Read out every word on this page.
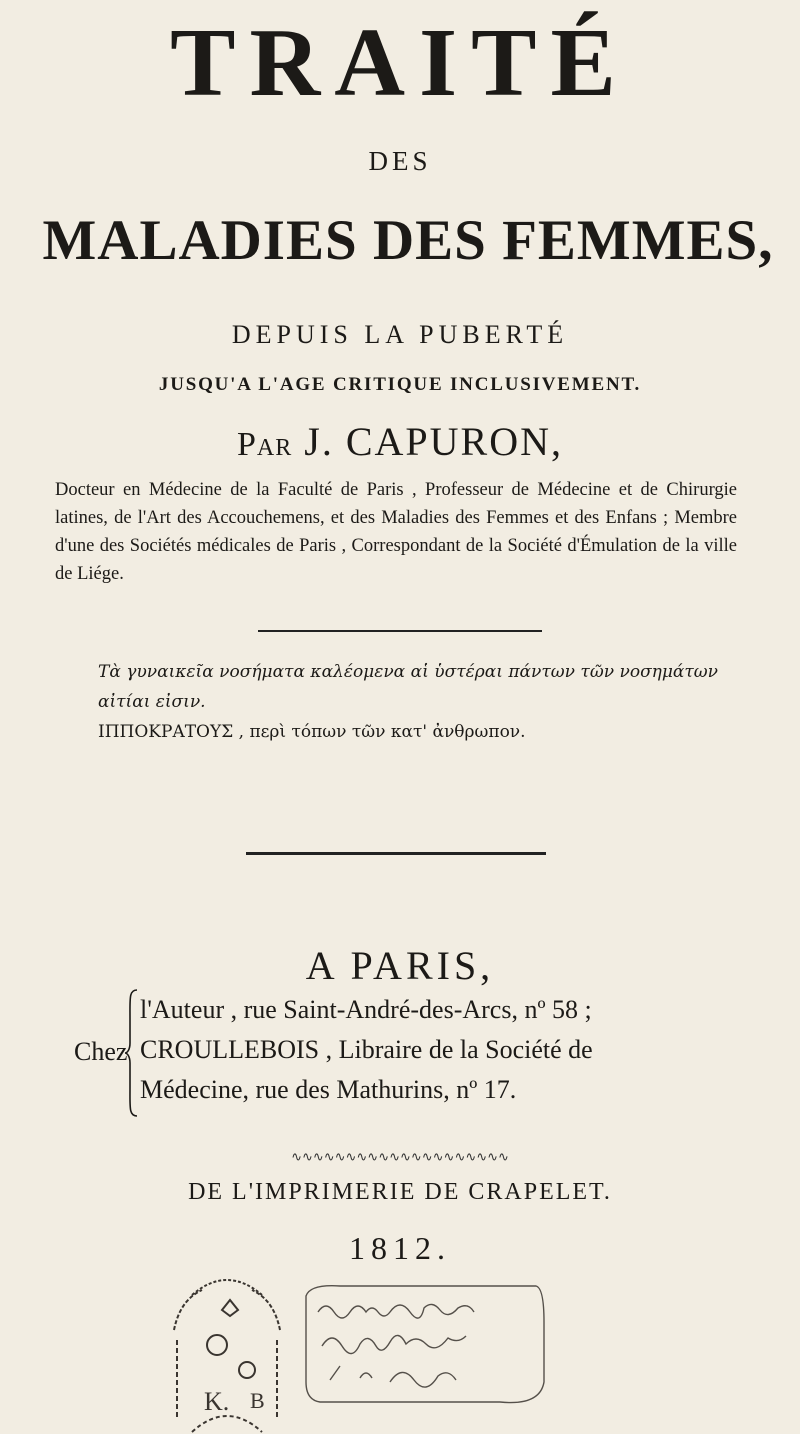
TRAITÉ
DES
MALADIES DES FEMMES,
DEPUIS LA PUBERTÉ
JUSQU'A L'AGE CRITIQUE INCLUSIVEMENT.
Par J. CAPURON,
Docteur en Médecine de la Faculté de Paris , Professeur de Médecine et de Chirurgie latines, de l'Art des Accouchemens, et des Maladies des Femmes et des Enfans ; Membre d'une des Sociétés médicales de Paris , Correspondant de la Société d'Émulation de la ville de Liége.
Τὰ γυναικεῖα νοσήματα καλέομενα αἱ ὑστέραι πάντων τῶν νοσημάτων αἰτίαι εἰσιν.
ΙΠΠΟΚΡΑΤΟΥΣ , περὶ τόπων τῶν κατ' ἀνθρωπον.
A PARIS,
Chez
l'Auteur , rue Saint-André-des-Arcs, nº 58 ;
CROULLEBOIS , Libraire de la Société de
Médecine, rue des Mathurins, nº 17.
∿∿∿∿∿∿∿∿∿∿∿∿∿∿∿∿∿∿∿∿
DE L'IMPRIMERIE DE CRAPELET.
1812.
K. B
